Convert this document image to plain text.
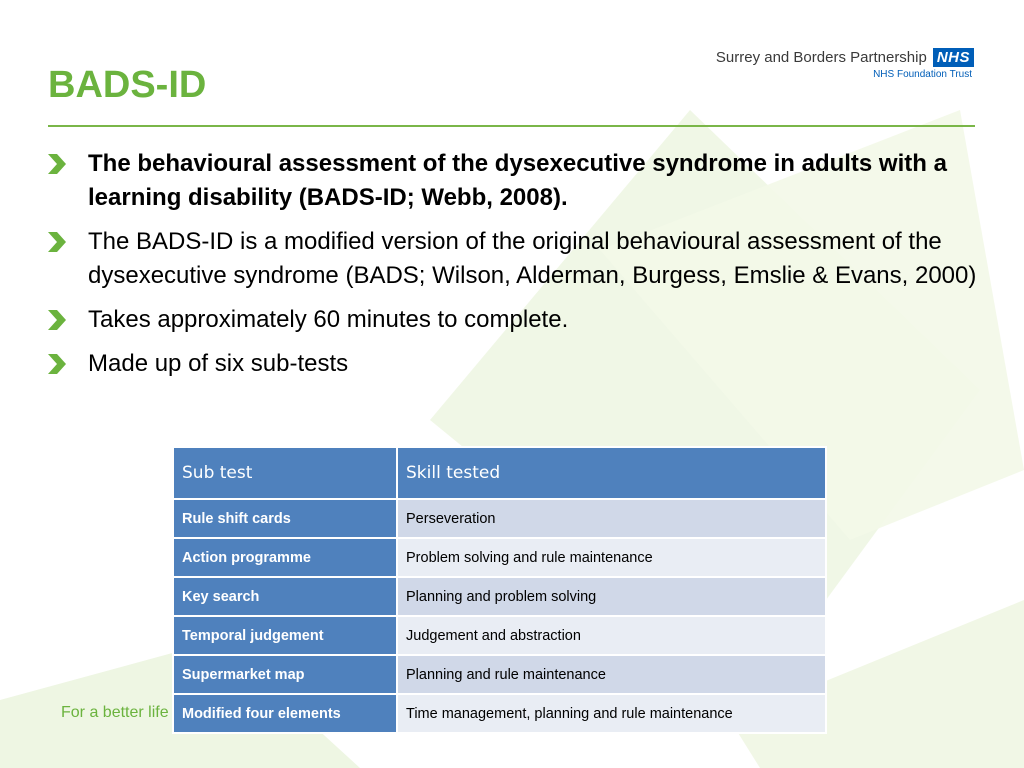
Surrey and Borders Partnership NHS
NHS Foundation Trust
BADS-ID
The behavioural assessment of the dysexecutive syndrome in adults with a learning disability (BADS-ID; Webb, 2008).
The BADS-ID is a modified version of the original behavioural assessment of the dysexecutive syndrome (BADS; Wilson, Alderman, Burgess, Emslie & Evans, 2000)
Takes approximately 60 minutes to complete.
Made up of six sub-tests
Sub test	Skill tested
Rule shift cards	Perseveration
Action programme	Problem solving and rule maintenance
Key search	Planning and problem solving
Temporal judgement	Judgement and abstraction
Supermarket map	Planning and rule maintenance
Modified four elements	Time management, planning and rule maintenance
For a better life
